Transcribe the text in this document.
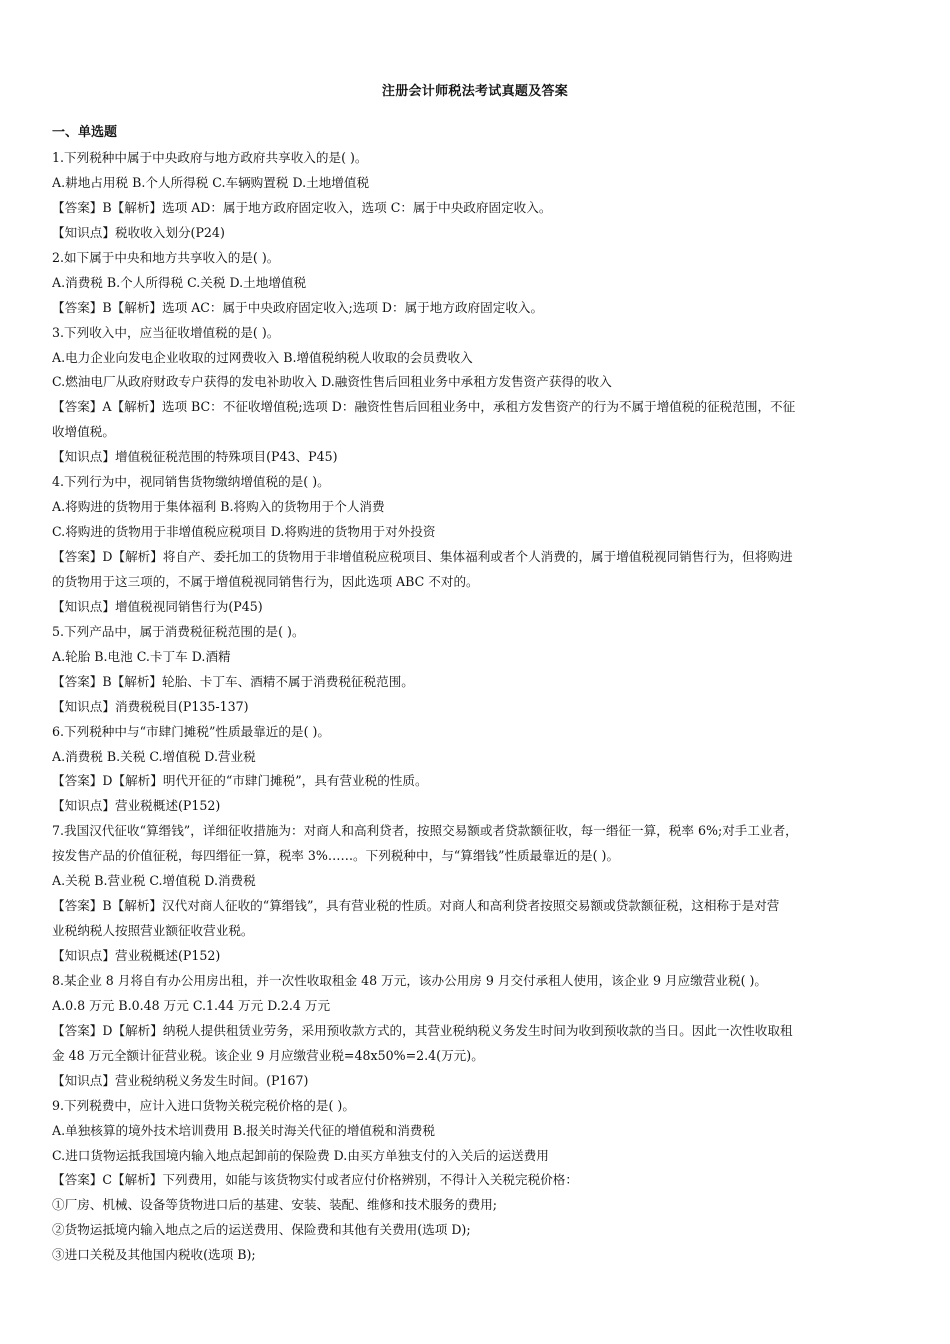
注册会计师税法考试真题及答案
一、单选题
1.下列税种中属于中央政府与地方政府共享收入的是( )。
A.耕地占用税 B.个人所得税 C.车辆购置税 D.土地增值税
【答案】B【解析】选项 AD：属于地方政府固定收入，选项 C：属于中央政府固定收入。
【知识点】税收收入划分(P24)
2.如下属于中央和地方共享收入的是( )。
A.消费税 B.个人所得税 C.关税 D.土地增值税
【答案】B【解析】选项 AC：属于中央政府固定收入;选项 D：属于地方政府固定收入。
3.下列收入中，应当征收增值税的是( )。
A.电力企业向发电企业收取的过网费收入 B.增值税纳税人收取的会员费收入
C.燃油电厂从政府财政专户获得的发电补助收入 D.融资性售后回租业务中承租方发售资产获得的收入
【答案】A【解析】选项 BC：不征收增值税;选项 D：融资性售后回租业务中，承租方发售资产的行为不属于增值税的征税范围，不征
收增值税。
【知识点】增值税征税范围的特殊项目(P43、P45)
4.下列行为中，视同销售货物缴纳增值税的是( )。
A.将购进的货物用于集体福利 B.将购入的货物用于个人消费
C.将购进的货物用于非增值税应税项目 D.将购进的货物用于对外投资
【答案】D【解析】将自产、委托加工的货物用于非增值税应税项目、集体福利或者个人消费的，属于增值税视同销售行为，但将购进
的货物用于这三项的，不属于增值税视同销售行为，因此选项 ABC 不对的。
【知识点】增值税视同销售行为(P45)
5.下列产品中，属于消费税征税范围的是( )。
A.轮胎 B.电池 C.卡丁车 D.酒精
【答案】B【解析】轮胎、卡丁车、酒精不属于消费税征税范围。
【知识点】消费税税目(P135-137)
6.下列税种中与“市肆门摊税”性质最靠近的是( )。
A.消费税 B.关税 C.增值税 D.营业税
【答案】D【解析】明代开征的“市肆门摊税”，具有营业税的性质。
【知识点】营业税概述(P152)
7.我国汉代征收“算缗钱”，详细征收措施为：对商人和高利贷者，按照交易额或者贷款额征收，每一缗征一算，税率 6%;对手工业者，
按发售产品的价值征税，每四缗征一算，税率 3%……。下列税种中，与“算缗钱”性质最靠近的是( )。
A.关税 B.营业税 C.增值税 D.消费税
【答案】B【解析】汉代对商人征收的“算缗钱”，具有营业税的性质。对商人和高利贷者按照交易额或贷款额征税，这相称于是对营
业税纳税人按照营业额征收营业税。
【知识点】营业税概述(P152)
8.某企业 8 月将自有办公用房出租，并一次性收取租金 48 万元，该办公用房 9 月交付承租人使用，该企业 9 月应缴营业税( )。
A.0.8 万元 B.0.48 万元 C.1.44 万元 D.2.4 万元
【答案】D【解析】纳税人提供租赁业劳务，采用预收款方式的，其营业税纳税义务发生时间为收到预收款的当日。因此一次性收取租
金 48 万元全额计征营业税。该企业 9 月应缴营业税=48x50%=2.4(万元)。
【知识点】营业税纳税义务发生时间。(P167)
9.下列税费中，应计入进口货物关税完税价格的是( )。
A.单独核算的境外技术培训费用 B.报关时海关代征的增值税和消费税
C.进口货物运抵我国境内输入地点起卸前的保险费 D.由买方单独支付的入关后的运送费用
【答案】C【解析】下列费用，如能与该货物实付或者应付价格辨别，不得计入关税完税价格：
①厂房、机械、设备等货物进口后的基建、安装、装配、维修和技术服务的费用;
②货物运抵境内输入地点之后的运送费用、保险费和其他有关费用(选项 D);
③进口关税及其他国内税收(选项 B);
